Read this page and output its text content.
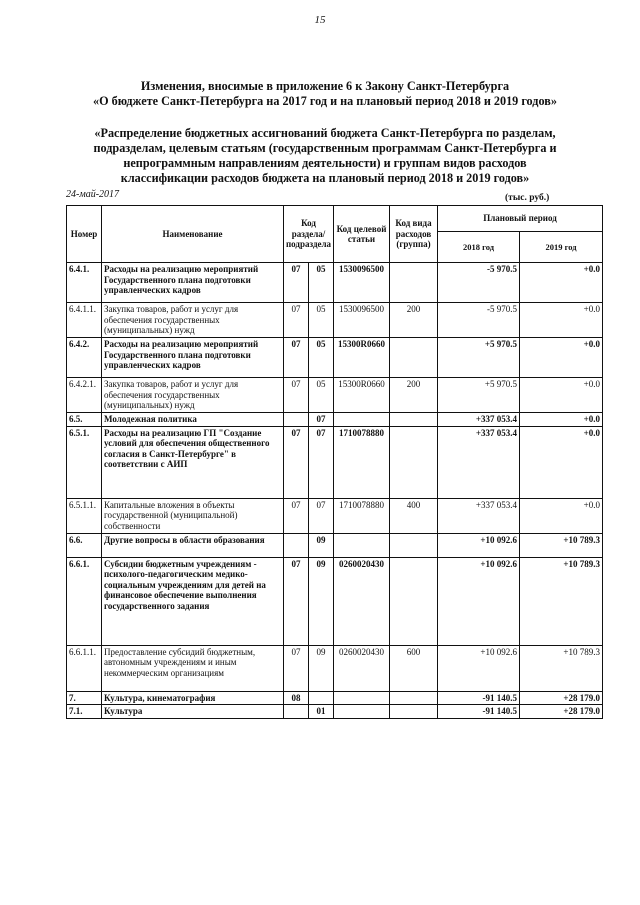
15
Изменения, вносимые в приложение 6 к Закону Санкт-Петербурга
«О бюджете Санкт-Петербурга на 2017 год и на плановый период 2018 и 2019 годов»
«Распределение бюджетных ассигнований бюджета Санкт-Петербурга по разделам,
подразделам, целевым статьям (государственным программам Санкт-Петербурга и
непрограммным направлениям деятельности) и группам видов расходов
классификации расходов бюджета на плановый период 2018 и 2019 годов»
24-май-2017	(тыс. руб.)
Номер	Наименование	Код раздела/ подраздела		Код целевой статьи	Код вида расходов (группа)	Плановый период	
						2018 год	2019 год
6.4.1.	Расходы на реализацию мероприятий Государственного плана подготовки управленческих кадров	07	05	1530096500		-5 970.5	+0.0
6.4.1.1.	Закупка товаров, работ и услуг для обеспечения государственных (муниципальных) нужд	07	05	1530096500	200	-5 970.5	+0.0
6.4.2.	Расходы на реализацию мероприятий Государственного плана подготовки управленческих кадров	07	05	15300R0660		+5 970.5	+0.0
6.4.2.1.	Закупка товаров, работ и услуг для обеспечения государственных (муниципальных) нужд	07	05	15300R0660	200	+5 970.5	+0.0
6.5.	Молодежная политика		07			+337 053.4	+0.0
6.5.1.	Расходы на реализацию ГП "Создание условий для обеспечения общественного согласия в Санкт-Петербурге" в соответствии с АИП	07	07	1710078880		+337 053.4	+0.0
6.5.1.1.	Капитальные вложения в объекты государственной (муниципальной) собственности	07	07	1710078880	400	+337 053.4	+0.0
6.6.	Другие вопросы в области образования		09			+10 092.6	+10 789.3
6.6.1.	Субсидии бюджетным учреждениям - психолого-педагогическим медико-социальным учреждениям для детей на финансовое обеспечение выполнения государственного задания	07	09	0260020430		+10 092.6	+10 789.3
6.6.1.1.	Предоставление субсидий бюджетным, автономным учреждениям и иным некоммерческим организациям	07	09	0260020430	600	+10 092.6	+10 789.3
7.	Культура, кинематография	08				-91 140.5	+28 179.0
7.1.	Культура		01			-91 140.5	+28 179.0
